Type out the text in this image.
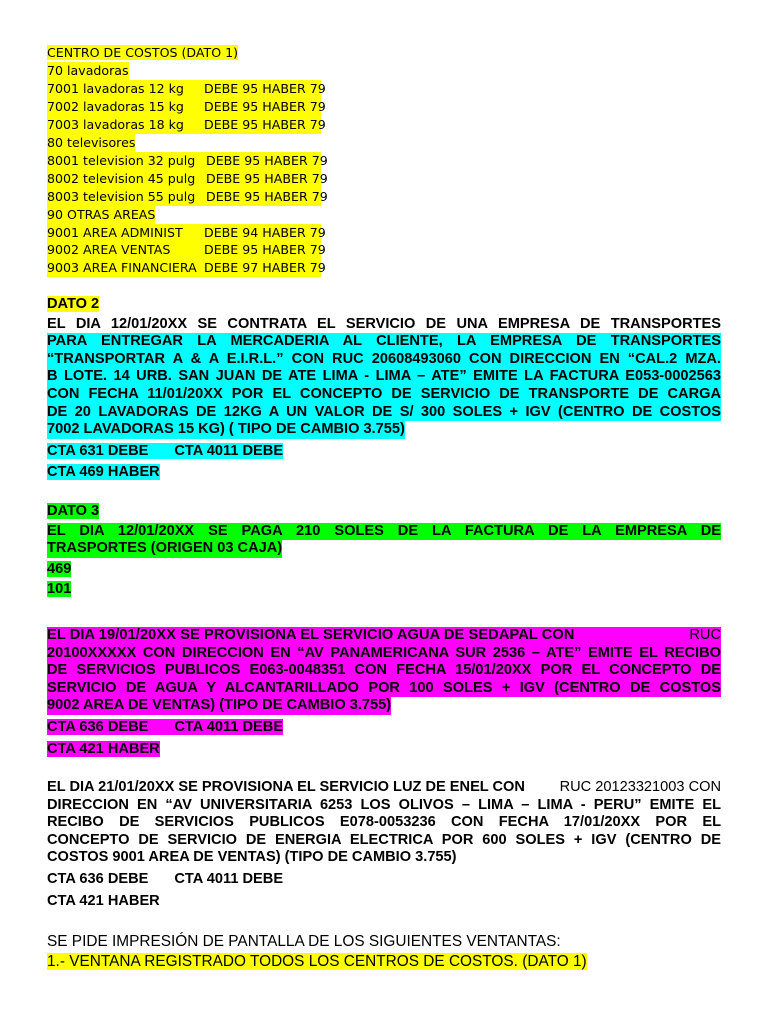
CENTRO DE COSTOS (DATO 1)
70 lavadoras
7001 lavadoras 12 kg DEBE 95 HABER 79
7002 lavadoras 15 kg DEBE 95 HABER 79
7003 lavadoras 18 kg DEBE 95 HABER 79
80 televisores
8001 television 32 pulg DEBE 95 HABER 79
8002 television 45 pulg DEBE 95 HABER 79
8003 television 55 pulg DEBE 95 HABER 79
90 OTRAS AREAS
9001 AREA ADMINIST DEBE 94 HABER 79
9002 AREA VENTAS	DEBE 95 HABER 79
9003 AREA FINANCIERA DEBE 97 HABER 79
DATO 2
EL DIA 12/01/20XX SE CONTRATA EL SERVICIO DE UNA EMPRESA DE TRANSPORTES
PARA ENTREGAR LA MERCADERIA AL CLIENTE, LA EMPRESA DE TRANSPORTES
“TRANSPORTAR A & A E.I.R.L.” CON RUC 20608493060 CON DIRECCION EN “CAL.2 MZA.
B LOTE. 14 URB. SAN JUAN DE ATE LIMA - LIMA – ATE” EMITE LA FACTURA E053-0002563
CON FECHA 11/01/20XX POR EL CONCEPTO DE SERVICIO DE TRANSPORTE DE CARGA
DE 20 LAVADORAS DE 12KG A UN VALOR DE S/ 300 SOLES + IGV (CENTRO DE COSTOS
7002 LAVADORAS 15 KG) ( TIPO DE CAMBIO 3.755)
CTA 631 DEBE CTA 4011 DEBE
CTA 469 HABER
DATO 3
EL DIA 12/01/20XX SE PAGA 210 SOLES DE LA FACTURA DE LA EMPRESA DE
TRASPORTES (ORIGEN 03 CAJA)
469
101
EL DIA 19/01/20XX SE PROVISIONA EL SERVICIO AGUA DE SEDAPAL CON	RUC
20100XXXXX CON DIRECCION EN “AV PANAMERICANA SUR 2536 – ATE” EMITE EL RECIBO
DE SERVICIOS PUBLICOS E063-0048351 CON FECHA 15/01/20XX POR EL CONCEPTO DE
SERVICIO DE AGUA Y ALCANTARILLADO POR 100 SOLES + IGV (CENTRO DE COSTOS
9002 AREA DE VENTAS) (TIPO DE CAMBIO 3.755)
CTA 636 DEBE CTA 4011 DEBE
CTA 421 HABER
EL DIA 21/01/20XX SE PROVISIONA EL SERVICIO LUZ DE ENEL CON RUC 20123321003 CON
DIRECCION EN “AV UNIVERSITARIA 6253 LOS OLIVOS – LIMA – LIMA - PERU” EMITE EL
RECIBO DE SERVICIOS PUBLICOS E078-0053236 CON FECHA 17/01/20XX POR EL
CONCEPTO DE SERVICIO DE ENERGIA ELECTRICA POR 600 SOLES + IGV (CENTRO DE
COSTOS 9001 AREA DE VENTAS) (TIPO DE CAMBIO 3.755)
CTA 636 DEBE CTA 4011 DEBE
CTA 421 HABER
SE PIDE IMPRESIÓN DE PANTALLA DE LOS SIGUIENTES VENTANTAS:
1.- VENTANA REGISTRADO TODOS LOS CENTROS DE COSTOS. (DATO 1)
